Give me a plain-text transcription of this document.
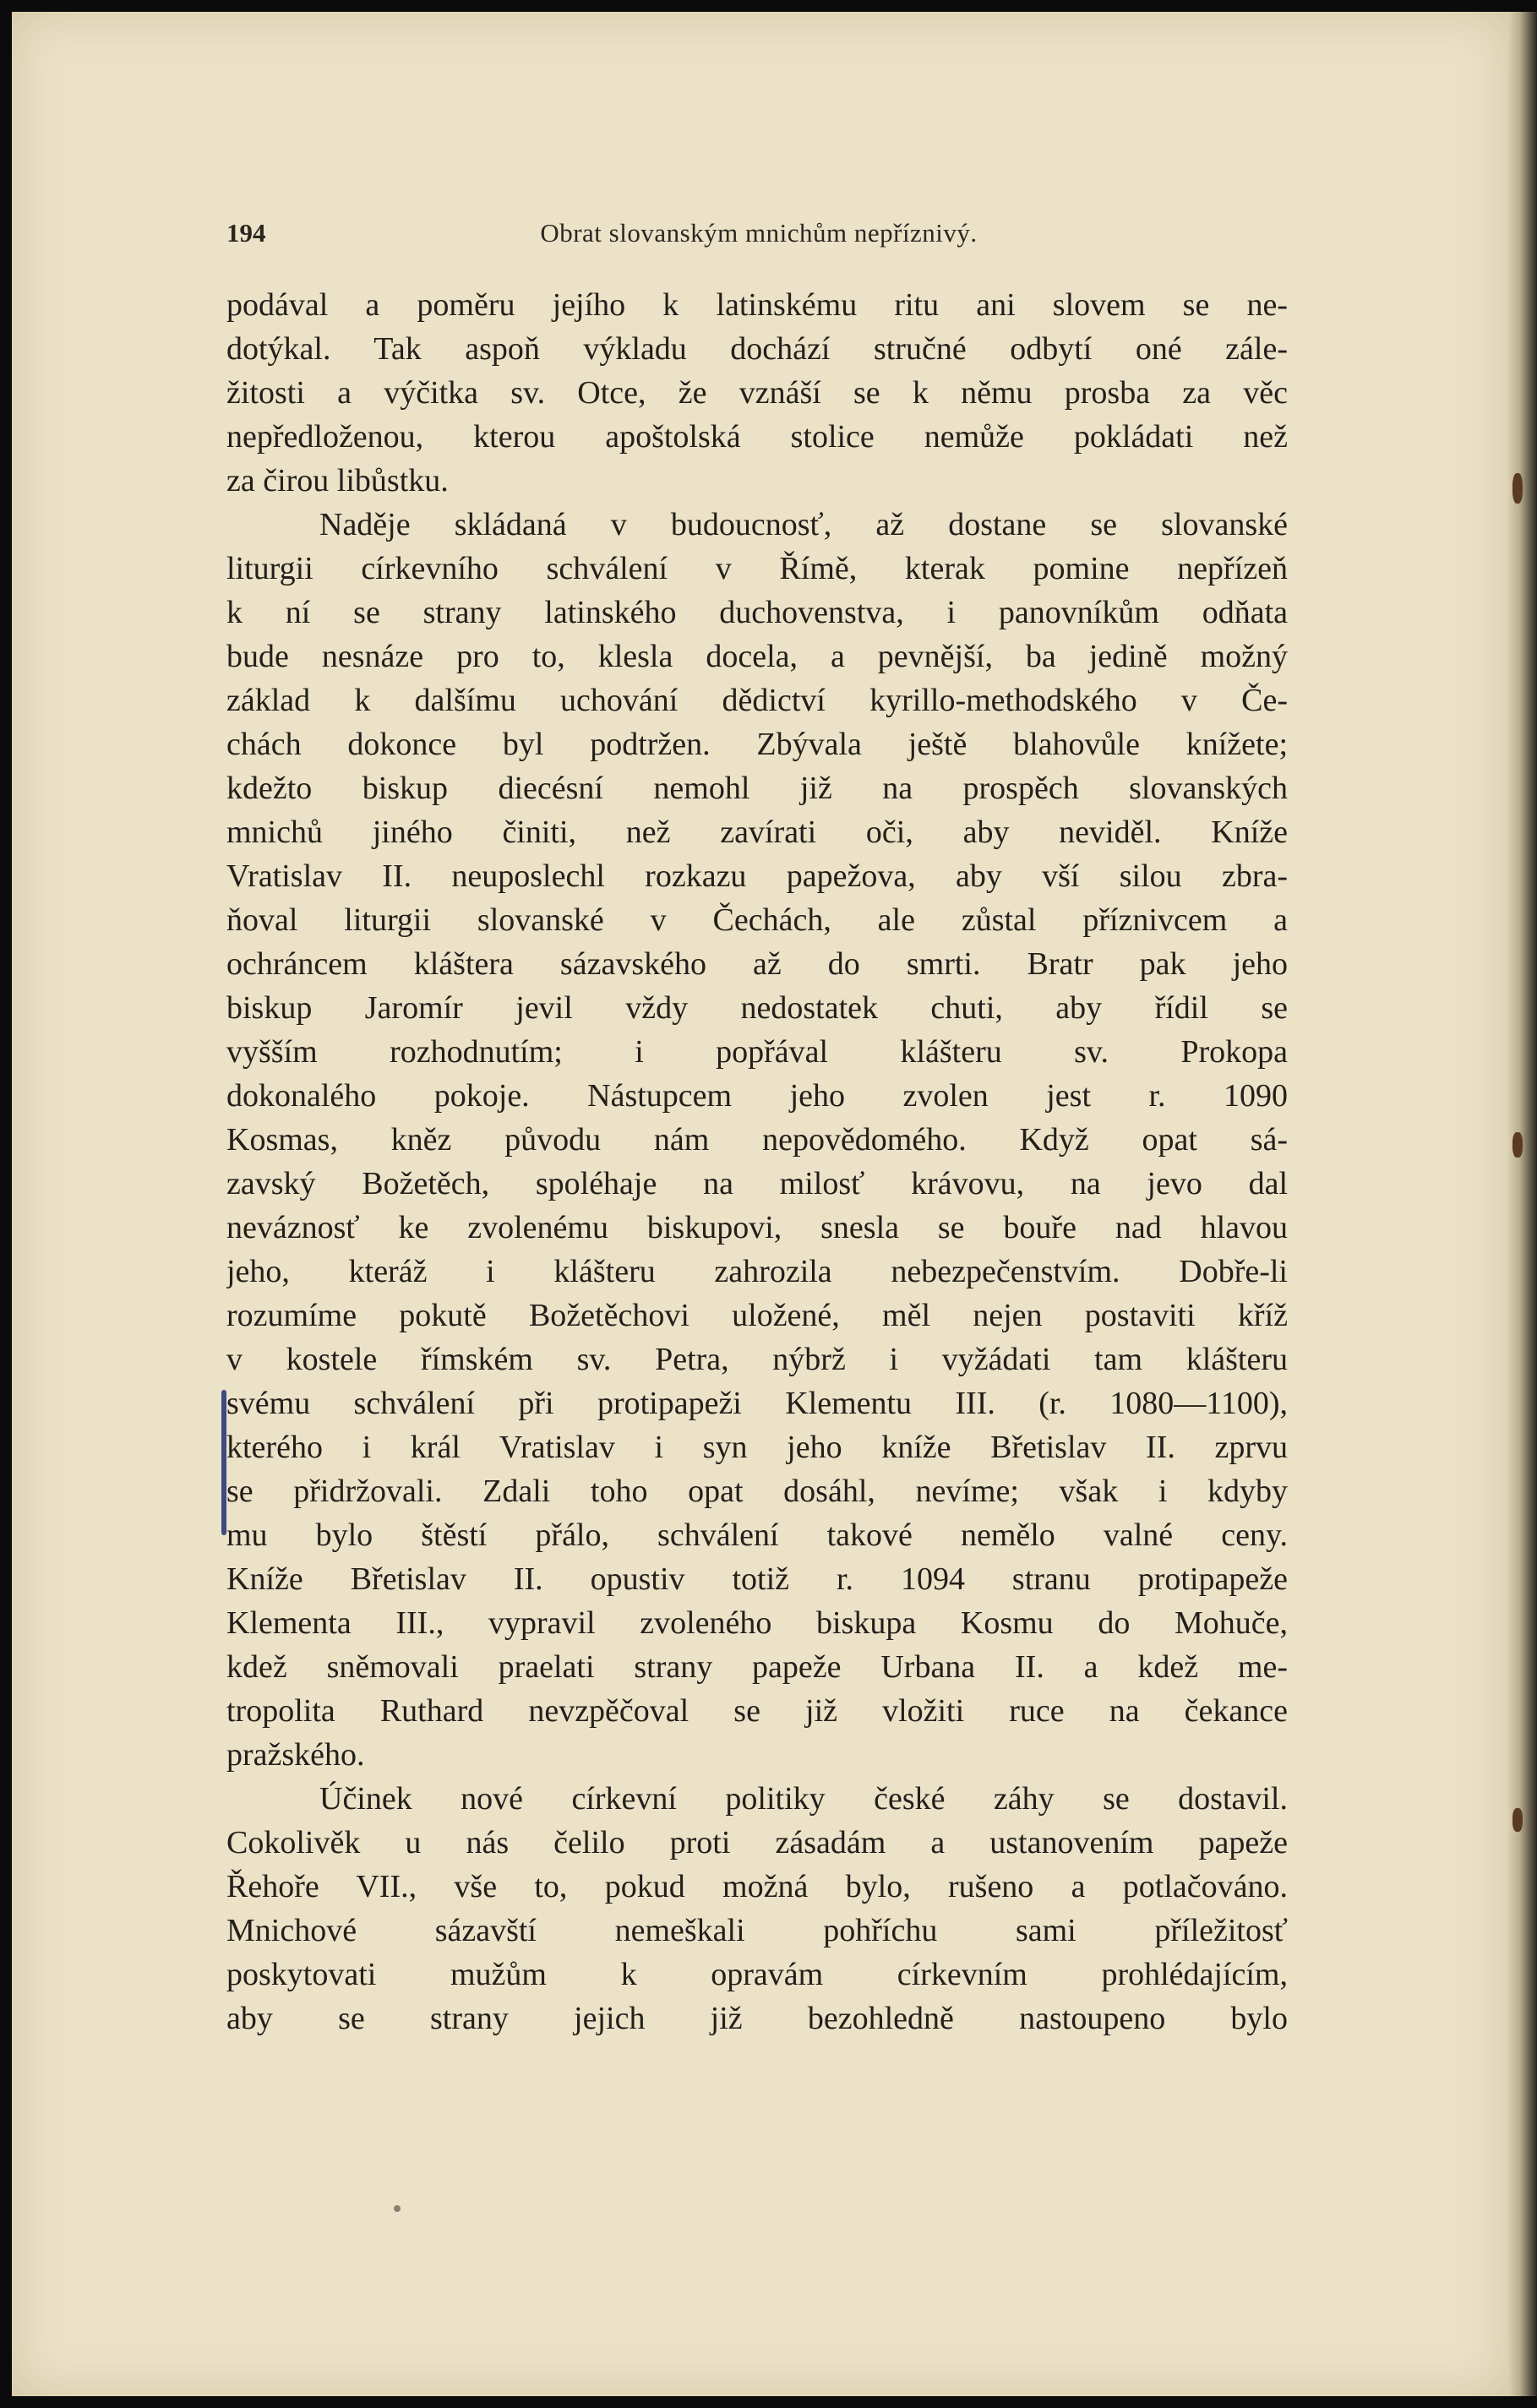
194	Obrat slovanským mnichům nepříznivý.
podával a poměru jejího k latinskému ritu ani slovem se ne-
dotýkal. Tak aspoň výkladu dochází stručné odbytí oné zále-
žitosti a výčitka sv. Otce, že vznáší se k němu prosba za věc
nepředloženou, kterou apoštolská stolice nemůže pokládati než
za čirou libůstku.
Naděje skládaná v budoucnosť, až dostane se slovanské
liturgii církevního schválení v Římě, kterak pomine nepřízeň
k ní se strany latinského duchovenstva, i panovníkům odňata
bude nesnáze pro to, klesla docela, a pevnější, ba jedině možný
základ k dalšímu uchování dědictví kyrillo-methodského v Če-
chách dokonce byl podtržen. Zbývala ještě blahovůle knížete;
kdežto biskup diecésní nemohl již na prospěch slovanských
mnichů jiného činiti, než zavírati oči, aby neviděl. Kníže
Vratislav II. neuposlechl rozkazu papežova, aby vší silou zbra-
ňoval liturgii slovanské v Čechách, ale zůstal příznivcem a
ochráncem kláštera sázavského až do smrti. Bratr pak jeho
biskup Jaromír jevil vždy nedostatek chuti, aby řídil se
vyšším rozhodnutím; i popřával klášteru sv. Prokopa
dokonalého pokoje. Nástupcem jeho zvolen jest r. 1090
Kosmas, kněz původu nám nepovědomého. Když opat sá-
zavský Božetěch, spoléhaje na milosť krávovu, na jevo dal
neváznosť ke zvolenému biskupovi, snesla se bouře nad hlavou
jeho, kteráž i klášteru zahrozila nebezpečenstvím. Dobře-li
rozumíme pokutě Božetěchovi uložené, měl nejen postaviti kříž
v kostele římském sv. Petra, nýbrž i vyžádati tam klášteru
svému schválení při protipapeži Klementu III. (r. 1080—1100),
kterého i král Vratislav i syn jeho kníže Břetislav II. zprvu
se přidržovali. Zdali toho opat dosáhl, nevíme; však i kdyby
mu bylo štěstí přálo, schválení takové nemělo valné ceny.
Kníže Břetislav II. opustiv totiž r. 1094 stranu protipapeže
Klementa III., vypravil zvoleného biskupa Kosmu do Mohuče,
kdež sněmovali praelati strany papeže Urbana II. a kdež me-
tropolita Ruthard nevzpěčoval se již vložiti ruce na čekance
pražského.
Účinek nové církevní politiky české záhy se dostavil.
Cokolivěk u nás čelilo proti zásadám a ustanovením papeže
Řehoře VII., vše to, pokud možná bylo, rušeno a potlačováno.
Mnichové sázavští nemeškali pohříchu sami příležitosť
poskytovati mužům k opravám církevním prohlédajícím,
aby se strany jejich již bezohledně nastoupeno bylo
